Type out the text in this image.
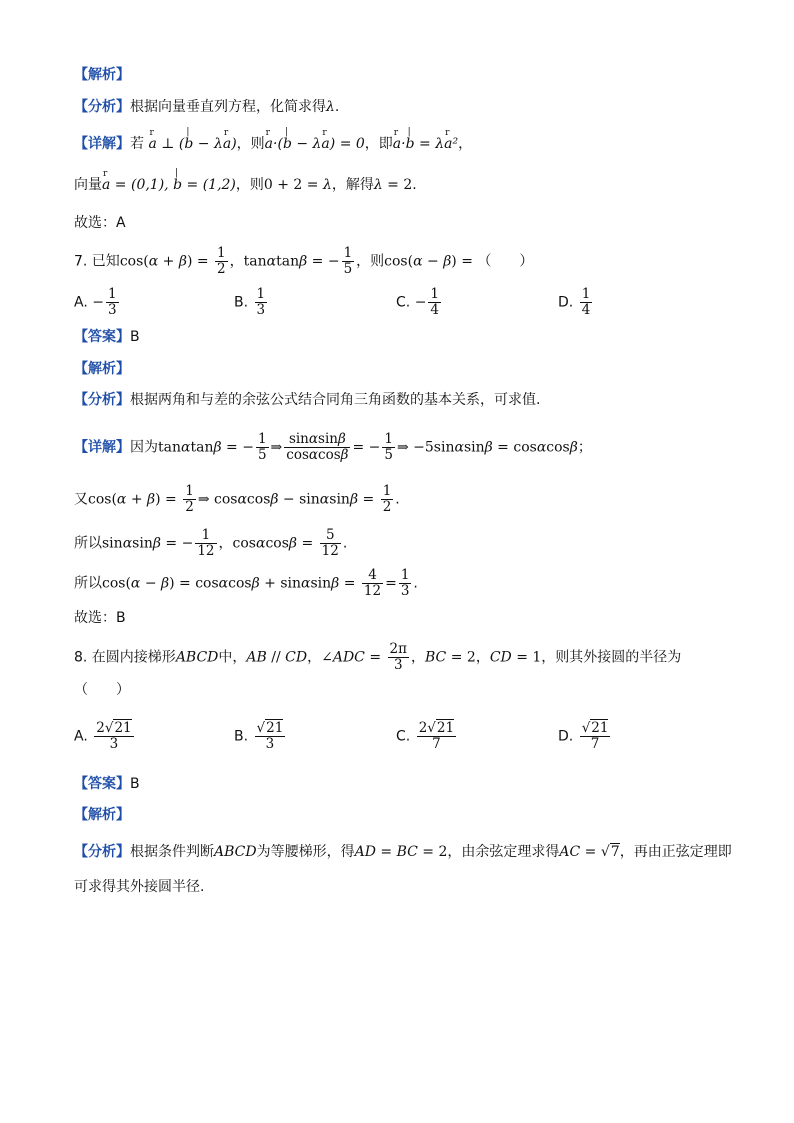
【解析】
【分析】根据向量垂直列方程，化简求得λ.
【详解】若 r a ⊥ (| b − λr a)，则r a·(| b − λr a) = 0，即r a·| b = λr a²，
向量r a = (0,1), | b = (1,2)，则0 + 2 = λ，解得λ = 2.
故选：A
7. 已知$\cos(\alpha + \beta) = \frac{1}{2}$ ，tanαtanβ = − $\frac{1}{5}$ ，则cos(α − β) = （　　）
A. − $\frac{1}{3}$	B. $\frac{1}{3}$	C. − $\frac{1}{4}$	D. $\frac{1}{4}$
【答案】B
【解析】
【分析】根据两角和与差的余弦公式结合同角三角函数的基本关系，可求值.
【详解】因为tanαtanβ = − $\frac{1}{5}$ ⇒ $\frac{\sin\alpha\sin\beta}{\cos\alpha\cos\beta}$ = − $\frac{1}{5}$ ⇒ −5sinαsinβ = cosαcosβ；
又$\cos(\alpha + \beta) = \frac{1}{2}$ ⇒ $\cos\alpha\cos\beta - \sin\alpha\sin\beta = \frac{1}{2}$ .
所以sinαsinβ = − $\frac{1}{12}$ ，$\cos\alpha\cos\beta = \frac{5}{12}$ .
所以$\cos(\alpha - \beta) = \cos\alpha\cos\beta + \sin\alpha\sin\beta = \frac{4}{12} = \frac{1}{3}$ .
故选：B
8. 在圆内接梯形ABCD中，AB // CD，∠ADC = $\frac{2\pi}{3}$ ，BC = 2，CD = 1，则其外接圆的半径为
（　　）
A. $\frac{2√21}{3}$	B. $\frac{√21}{3}$	C. $\frac{2√21}{7}$	D. $\frac{√21}{7}$
【答案】B
【解析】
【分析】根据条件判断ABCD为等腰梯形，得AD = BC = 2，由余弦定理求得AC = √7，再由正弦定理即
可求得其外接圆半径.
